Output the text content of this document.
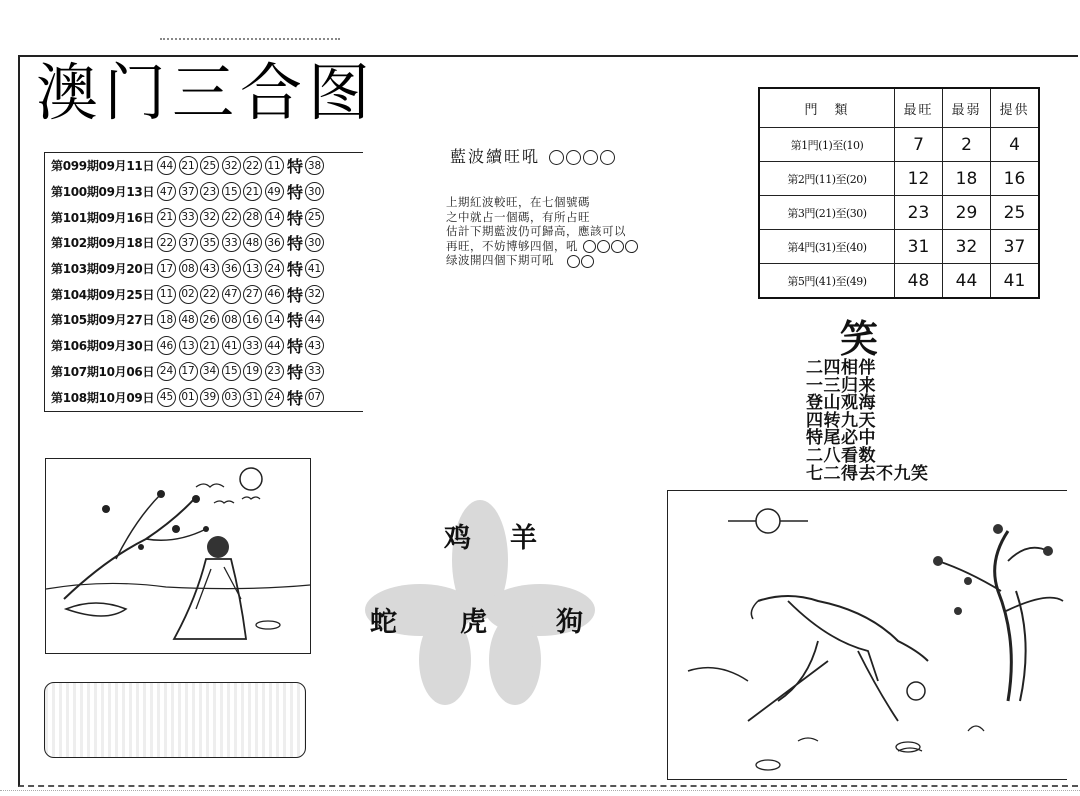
澳门三合图
第099期09月11日 44 21 25 32 22 11 特 38
第100期09月13日 47 37 23 15 21 49 特 30
第101期09月16日 21 33 32 22 28 14 特 25
第102期09月18日 22 37 35 33 48 36 特 30
第103期09月20日 17 08 43 36 13 24 特 41
第104期09月25日 11 02 22 47 27 46 特 32
第105期09月27日 18 48 26 08 16 14 特 44
第106期09月30日 46 13 21 41 33 44 特 43
第107期10月06日 24 17 34 15 19 23 特 33
第108期10月09日 45 01 39 03 31 24 特 07
藍波續旺吼

上期紅波較旺，在七個號碼

之中就占一個碼，有所占旺

估計下期藍波仍可歸高，應該可以

再旺，不妨博够四個，吼

绿波開四個下期可吼　

門　類	最旺	最弱	提供
第1門(1)至(10)	7	2	4
第2門(11)至(20)	12	18	16
第3門(21)至(30)	23	29	25
第4門(31)至(40)	31	32	37
第5門(41)至(49)	48	44	41
笑
二四相伴
一三归来
登山观海
四转九天
特尾必中
二八看数
七二得去不九笑
鸡 羊
蛇 虎	狗
